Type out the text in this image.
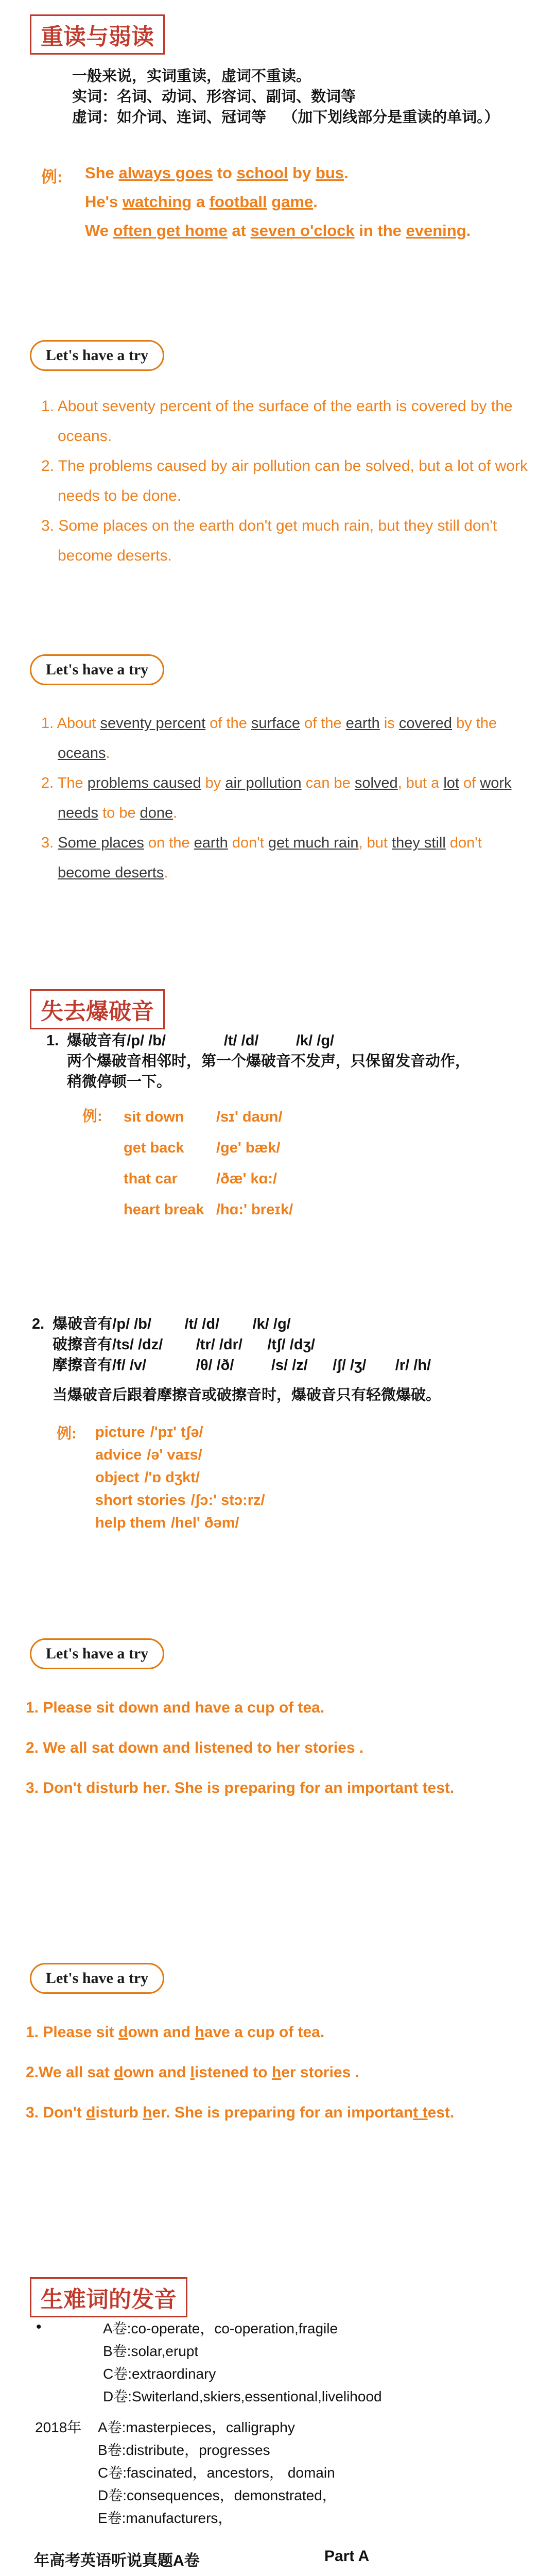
重读与弱读
一般来说，实词重读，虚词不重读。
实词：名词、动词、形容词、副词、数词等
虚词：如介词、连词、冠词等 （加下划线部分是重读的单词。）
例: She always goes to school by bus.
He's watching a football game.
We often get home at seven o'clock in the evening.
Let's have a try
1. About seventy percent of the surface of the earth is covered by the oceans.
2. The problems caused by air pollution can be solved, but a lot of work needs to be done.
3. Some places on the earth don't get much rain, but they still don't become deserts.
Let's have a try
1. About seventy percent of the surface of the earth is covered by the oceans.
2. The problems caused by air pollution can be solved, but a lot of work needs to be done.
3. Some places on the earth don't get much rain, but they still don't become deserts.
失去爆破音
1.  爆破音有/p/ /b/              /t/ /d/         /k/ /g/
两个爆破音相邻时，第一个爆破音不发声，只保留发音动作，
稍微停顿一下。
例: sit down	/sɪ' daʊn/
get back	/ge' bæk/
that car	/ðæ' kɑ:/
heart break /hɑ:' breɪk/
2.  爆破音有/p/ /b/        /t/ /d/        /k/ /g/
破擦音有/ts/ /dz/        /tr/ /dr/      /tʃ/ /dʒ/
摩擦音有/f/ /v/            /θ/ /ð/         /s/ /z/      /ʃ/ /ʒ/       /r/ /h/
当爆破音后跟着摩擦音或破擦音时，爆破音只有轻微爆破。
例: picture /'pɪ' tʃə/
advice /ə' vaɪs/
object /'ɒ dʒkt/
short stories /ʃɔ:' stɔ:rz/
help them /hel' ðəm/
Let's have a try
1. Please sit down and have a cup of tea.
2. We all sat down and listened to her stories .
3. Don't disturb her. She is preparing for an important test.
Let's have a try
1. Please sit down and have a cup of tea.
2.We all sat down and listened to her stories .
3. Don't disturb her. She is preparing for an important test.
生难词的发音
•	A卷:co-operate，co-operation,fragile
B卷:solar,erupt
C卷:extraordinary
D卷:Switerland,skiers,essentional,livelihood
2018年 A卷:masterpieces，calligraphy
B卷:distribute，progresses
C卷:fascinated，ancestors， domain
D卷:consequences，demonstrated，
E卷:manufacturers，
年高考英语听说真题A卷	Part A
